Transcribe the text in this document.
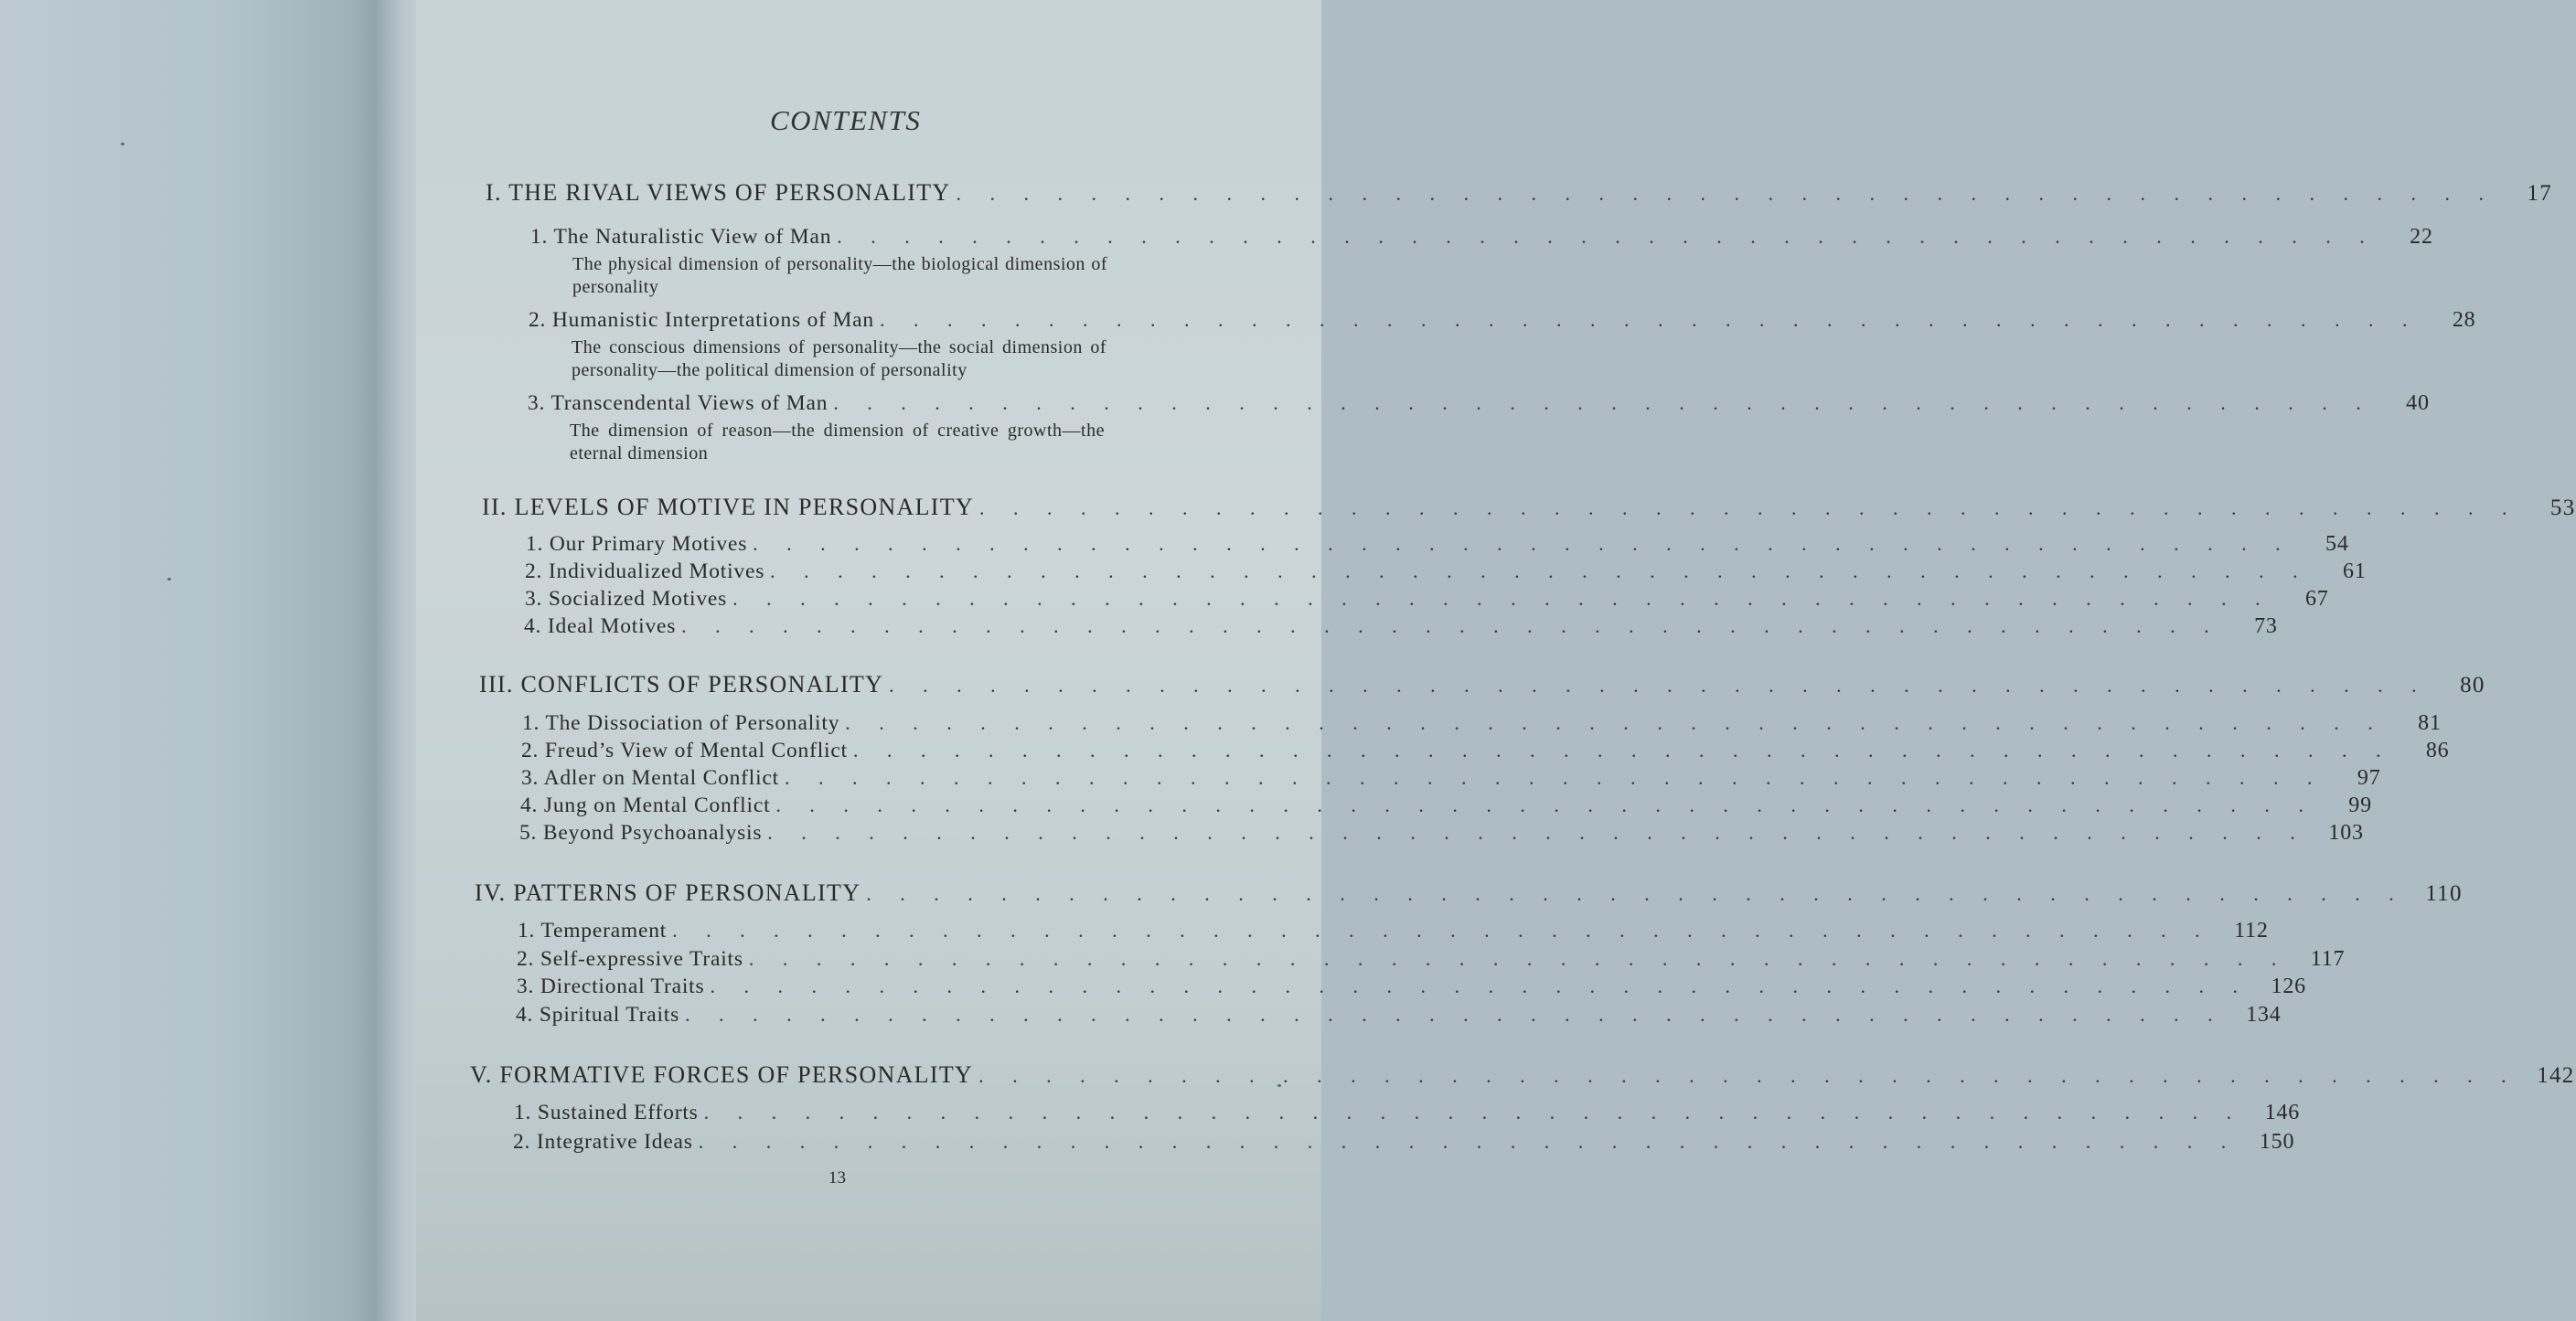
CONTENTS
I. THE RIVAL VIEWS OF PERSONALITY . . . . . . . . . . . . . . . . . . . . . . . . . . . . . . . . . . . . . . . . . . . . . .	17
1. The Naturalistic View of Man . . . . . . . . . . . . . . . . . . . . . . . . . . . . . . . . . . . . . . . . . . . . . .	22
The physical dimension of personality—the biological dimension of personality
2. Humanistic Interpretations of Man . . . . . . . . . . . . . . . . . . . . . . . . . . . . . . . . . . . . . . . . . . . . . .	28
The conscious dimensions of personality—the social dimension of personality—the political dimension of personality
3. Transcendental Views of Man . . . . . . . . . . . . . . . . . . . . . . . . . . . . . . . . . . . . . . . . . . . . . .	40
The dimension of reason—the dimension of creative growth—the eternal dimension
II. LEVELS OF MOTIVE IN PERSONALITY . . . . . . . . . . . . . . . . . . . . . . . . . . . . . . . . . . . . . . . . . . . . . .	53
1. Our Primary Motives . . . . . . . . . . . . . . . . . . . . . . . . . . . . . . . . . . . . . . . . . . . . . .	54
2. Individualized Motives . . . . . . . . . . . . . . . . . . . . . . . . . . . . . . . . . . . . . . . . . . . . . .	61
3. Socialized Motives . . . . . . . . . . . . . . . . . . . . . . . . . . . . . . . . . . . . . . . . . . . . . .	67
4. Ideal Motives . . . . . . . . . . . . . . . . . . . . . . . . . . . . . . . . . . . . . . . . . . . . . .	73
III. CONFLICTS OF PERSONALITY . . . . . . . . . . . . . . . . . . . . . . . . . . . . . . . . . . . . . . . . . . . . . .	80
1. The Dissociation of Personality . . . . . . . . . . . . . . . . . . . . . . . . . . . . . . . . . . . . . . . . . . . . . .	81
2. Freud’s View of Mental Conflict . . . . . . . . . . . . . . . . . . . . . . . . . . . . . . . . . . . . . . . . . . . . . .	86
3. Adler on Mental Conflict . . . . . . . . . . . . . . . . . . . . . . . . . . . . . . . . . . . . . . . . . . . . . .	97
4. Jung on Mental Conflict . . . . . . . . . . . . . . . . . . . . . . . . . . . . . . . . . . . . . . . . . . . . . .	99
5. Beyond Psychoanalysis . . . . . . . . . . . . . . . . . . . . . . . . . . . . . . . . . . . . . . . . . . . . . . 103
IV. PATTERNS OF PERSONALITY . . . . . . . . . . . . . . . . . . . . . . . . . . . . . . . . . . . . . . . . . . . . . . 110
1. Temperament . . . . . . . . . . . . . . . . . . . . . . . . . . . . . . . . . . . . . . . . . . . . . .	112
2. Self-expressive Traits . . . . . . . . . . . . . . . . . . . . . . . . . . . . . . . . . . . . . . . . . . . . . .	117
3. Directional Traits . . . . . . . . . . . . . . . . . . . . . . . . . . . . . . . . . . . . . . . . . . . . . . 126
4. Spiritual Traits . . . . . . . . . . . . . . . . . . . . . . . . . . . . . . . . . . . . . . . . . . . . . . 134
V. FORMATIVE FORCES OF PERSONALITY . . . . . . . . . . . . . . . . . . . . . . . . . . . . . . . . . . . . . . . . . . . . . . 142
1. Sustained Efforts . . . . . . . . . . . . . . . . . . . . . . . . . . . . . . . . . . . . . . . . . . . . . . 146
2. Integrative Ideas . . . . . . . . . . . . . . . . . . . . . . . . . . . . . . . . . . . . . . . . . . . . . . 150
13
